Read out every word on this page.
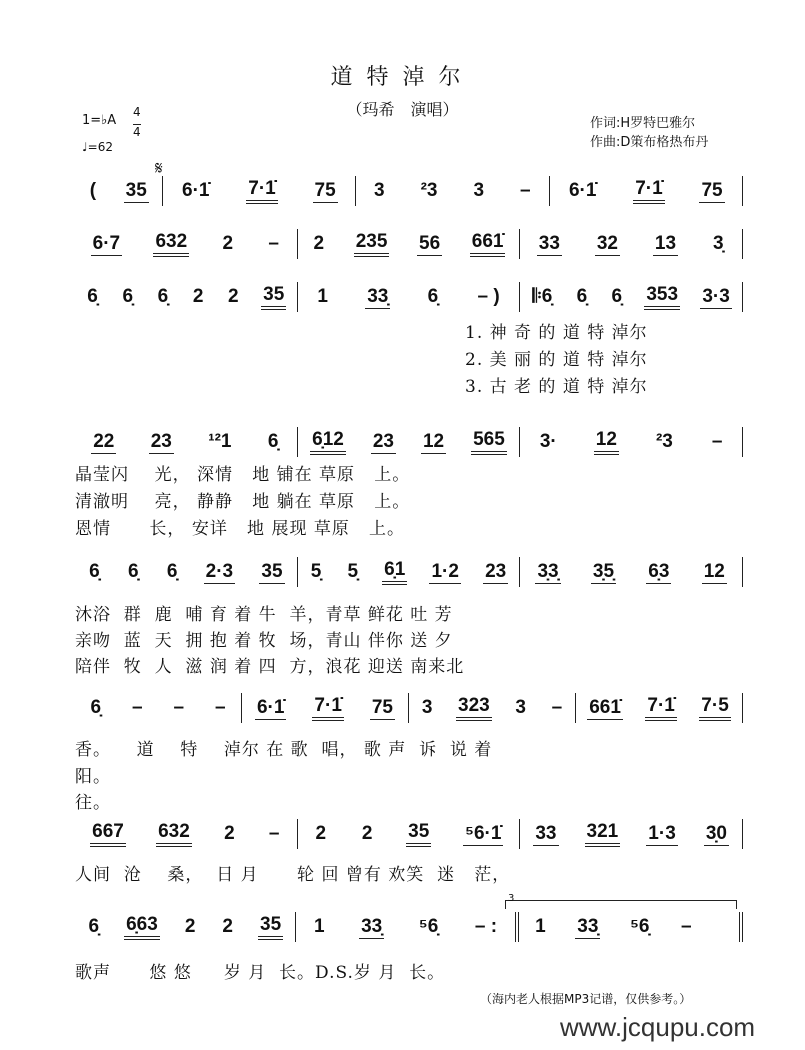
道特淖尔
（玛希　演唱）
作词:H罗特巴雅尔
作曲:D策布格热布丹
1=♭A
4
4
♩=62
𝄋
( 35 6·1̇ 7·1̇ 75 3 ²3 3 – 6·1̇ 7·1̇ 75
6·7 632 2 – 2 235 56 661̇ 33 32 13 3̣
6̣ 6̣ 6̣ 2 2 35 1 33̣ 6̣ – ) 𝄆6̣ 6̣ 6̣ 353 3·3
22 23 ¹²1 6̣ 6̣12 23 12 565 3· 12 ²3 –
6̣ 6̣ 6̣ 2·3 35 5̣ 5̣ 6̣1 1·2 23 3̣3̣ 3̣5̣ 6̣3 12
6̣ – – – 6·1̇ 7·1̇ 75 3 323 3 – 661̇ 7·1̇ 7·5
667 632 2 – 2 2 35 ⁵6·1̇ 33 321 1·3 3̣0
6̣ 6̣63 2 2 35 1 33̣ ⁵6̣ – : 1 33̣ ⁵6̣ –
3
1. 神 奇 的 道 特 淖尔
2. 美 丽 的 道 特 淖尔
3. 古 老 的 道 特 淖尔
晶莹闪    光， 深情   地 铺在 草原   上。
清澈明    亮， 静静   地 躺在 草原   上。
恩情      长， 安详   地 展现 草原   上。
沐浴  群  鹿  哺 育 着 牛  羊，青草 鲜花 吐 芳
亲吻  蓝  天  拥 抱 着 牧  场，青山 伴你 送 夕
陪伴  牧  人  滋 润 着 四  方，浪花 迎送 南来北
香。    道    特    淖尔 在 歌  唱， 歌 声  诉  说 着
阳。
往。
人间  沧    桑，  日 月      轮 回 曾有 欢笑  迷   茫，
歌声      悠 悠     岁 月  长。D.S.岁 月  长。
（海内老人根据MP3记谱，仅供参考。）
www.jcqupu.com
